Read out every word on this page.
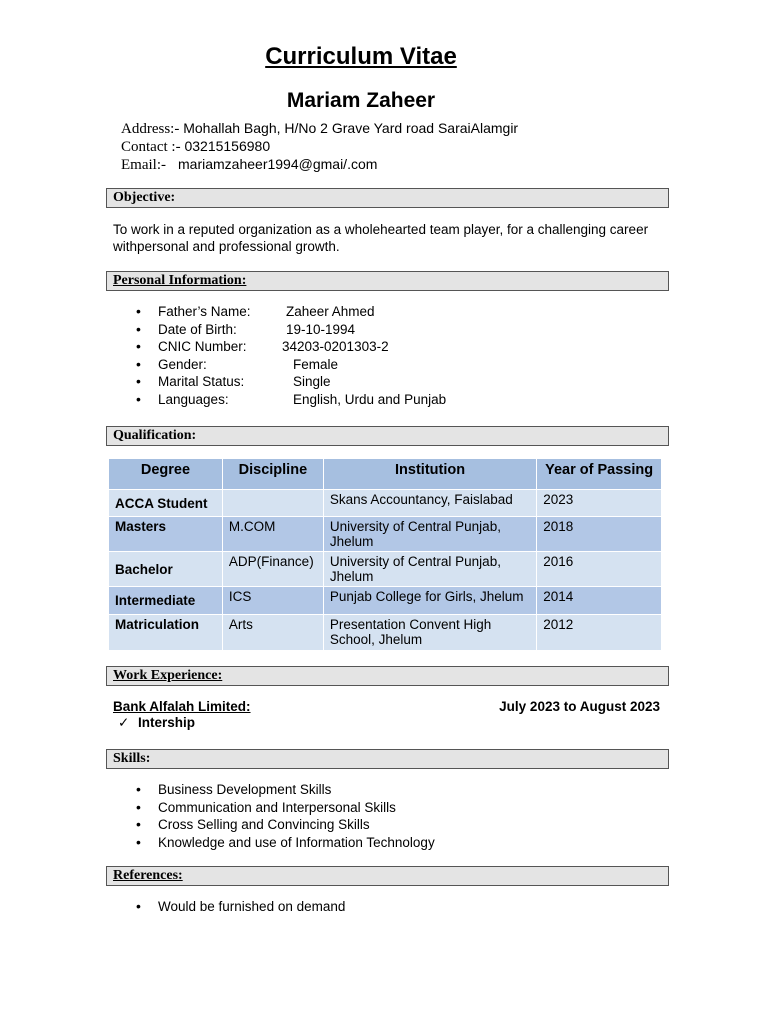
Curriculum Vitae
Mariam Zaheer
Address:- Mohallah Bagh, H/No 2 Grave Yard road SaraiAlamgir
Contact :- 03215156980
Email:- mariamzaheer1994@gmai/.com
Objective:
To work in a reputed organization as a wholehearted team player, for a challenging career withpersonal and professional growth.
Personal Information:
• Father’s Name:	Zaheer Ahmed
• Date of Birth:	19-10-1994
• CNIC Number:	34203-0201303-2
• Gender:	Female
• Marital Status:	Single
• Languages:	English, Urdu and Punjab
Qualification:
Degree	Discipline	Institution	Year of Passing
ACCA Student		Skans Accountancy, Faislabad	2023
Masters	M.COM	University of Central Punjab, Jhelum	2018
Bachelor	ADP(Finance)	University of Central Punjab, Jhelum	2016
Intermediate	ICS	Punjab College for Girls, Jhelum	2014
Matriculation	Arts	Presentation Convent High School, Jhelum	2012
Work Experience:
Bank Alfalah Limited:	July 2023 to August 2023
✓ Intership
Skills:
• Business Development Skills
• Communication and Interpersonal Skills
• Cross Selling and Convincing Skills
• Knowledge and use of Information Technology
References:
• Would be furnished on demand
